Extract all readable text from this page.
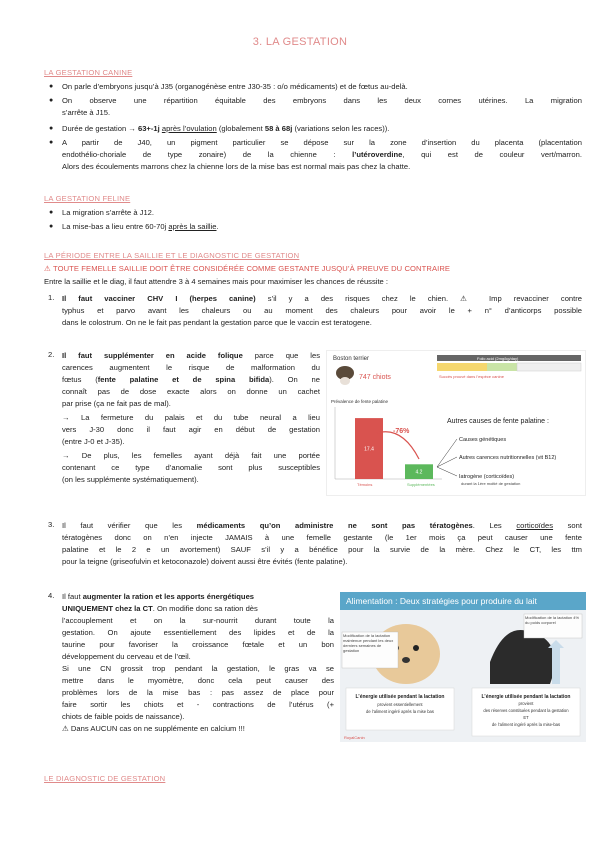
3. LA GESTATION
LA GESTATION CANINE
● On parle d’embryons jusqu’à J35 (organogénèse entre J30-35 : o/o médicaments) et de fœtus au-delà.
● On observe une répartition équitable des embryons dans les deux cornes utérines. La migration
s’arrête à J15.
● Durée de gestation → 63+-1j après l’ovulation (globalement 58 à 68j (variations selon les races)).
● A partir de J40, un pigment particulier se dépose sur la zone d’insertion du placenta (placentation
endothélio-choriale de type zonaire) de la chienne : l’utéroverdine, qui est de couleur vert/marron.
Alors des écoulements marrons chez la chienne lors de la mise bas est normal mais pas chez la chatte.
LA GESTATION FELINE
● La migration s’arrête à J12.
● La mise-bas a lieu entre 60-70j après la saillie.
LA PÉRIODE ENTRE LA SAILLIE ET LE DIAGNOSTIC DE GESTATION
⚠ TOUTE FEMELLE SAILLIE DOIT ÊTRE CONSIDÉRÉE COMME GESTANTE JUSQU’À PREUVE DU CONTRAIRE
Entre la saillie et le diag, il faut attendre 3 à 4 semaines mais pour maximiser les chances de réussite :
1. Il faut vacciner CHV I (herpes canine) s’il y a des risques chez le chien. ⚠ Imp revacciner contre
typhus et parvo avant les chaleurs ou au moment des chaleurs pour avoir le + n° d’anticorps possible
dans le colostrum. On ne le fait pas pendant la gestation parce que le vaccin est teratogene.
2. Il faut supplémenter en acide folique parce que les
carences augmentent le risque de malformation du
fœtus (fente palatine et de spina bifida). On ne
connaît pas de dose exacte alors on donne un cachet
par prise (ça ne fait pas de mal).
→ La fermeture du palais et du tube neural a lieu
vers J-30 donc il faut agir en début de gestation
(entre J-0 et J-35).
→ De plus, les femelles ayant déjà fait une portée
contenant ce type d’anomalie sont plus susceptibles
(on les supplémente systématiquement).
Boston terrier
747 chiots
Folic acid (2mg/kg/day)
Succès prouvé dans l’espèce canine
Prévalence de fente palatine
17.4
4.2
Témoins	Supplémentées
-76%
Autres causes de fente palatine :
Causes génétiques
Autres carences nutritionnelles (vit B12)
Iatrogène (corticoïdes)
durant la 1ère moitié de gestation
3. Il faut vérifier que les médicaments qu’on administre ne sont pas tératogènes. Les corticoïdes sont
tératogènes donc on n’en injecte JAMAIS à une femelle gestante (le 1er mois ça peut causer une fente
palatine et le 2 e un avortement) SAUF s’il y a bénéfice pour la survie de la mère. Chez le CT, les ttm
pour la teigne (griseofulvin et ketoconazole) doivent aussi être évités (fente palatine).
4. Il faut augmenter la ration et les apports énergétiques
UNIQUEMENT chez la CT. On modifie donc sa ration dès
l’accouplement et on la sur-nourrit durant toute la
gestation. On ajoute essentiellement des lipides et de la
taurine pour favoriser la croissance fœtale et un bon
développement du cerveau et de l’œil.
Si une CN grossit trop pendant la gestation, le gras va se
mettre dans le myomètre, donc cela peut causer des
problèmes lors de la mise bas : pas assez de place pour
faire sortir les chiots et - contractions de l’utérus (+
chiots de faible poids de naissance).
⚠ Dans AUCUN cas on ne supplémente en calcium !!!
Alimentation : Deux stratégies pour produire du lait
Modification de la lactation maintenue pendant les deux derniers semaines de gestation
Modification de la lactation 4% du poids corporel
L’énergie utilisée pendant la lactation
provient essentiellement
de l’aliment ingéré après la mise bas
L’énergie utilisée pendant la lactation
provient
des réserves constituées pendant la gestation
ET
de l’aliment ingéré après la mise-bas
RoyalCanin
LE DIAGNOSTIC DE GESTATION
